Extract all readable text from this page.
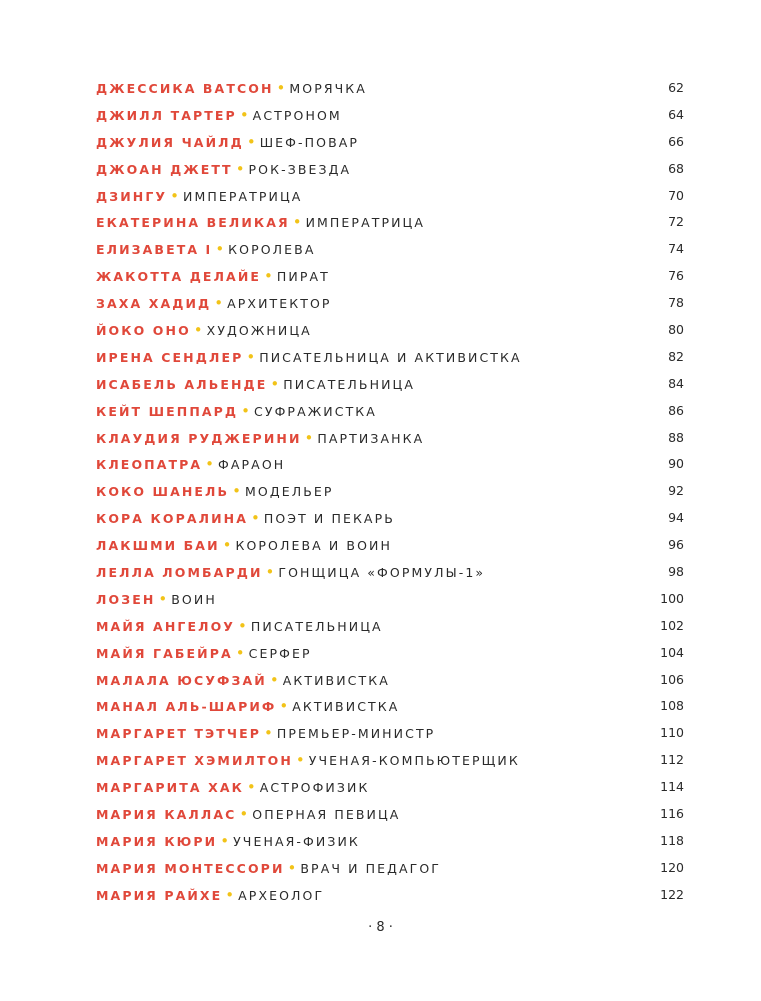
ДЖЕССИКА ВАТСОН • МОРЯЧКА	62
ДЖИЛЛ ТАРТЕР • АСТРОНОМ	64
ДЖУЛИЯ ЧАЙЛД • ШЕФ-ПОВАР	66
ДЖОАН ДЖЕТТ • РОК-ЗВЕЗДА	68
ДЗИНГУ • ИМПЕРАТРИЦА	70
ЕКАТЕРИНА ВЕЛИКАЯ • ИМПЕРАТРИЦА	72
ЕЛИЗАВЕТА I • КОРОЛЕВА	74
ЖАКОТТА ДЕЛАЙЕ • ПИРАТ	76
ЗАХА ХАДИД • АРХИТЕКТОР	78
ЙОКО ОНО • ХУДОЖНИЦА	80
ИРЕНА СЕНДЛЕР • ПИСАТЕЛЬНИЦА И АКТИВИСТКА	82
ИСАБЕЛЬ АЛЬЕНДЕ • ПИСАТЕЛЬНИЦА	84
КЕЙТ ШЕППАРД • СУФРАЖИСТКА	86
КЛАУДИЯ РУДЖЕРИНИ • ПАРТИЗАНКА	88
КЛЕОПАТРА • ФАРАОН	90
КОКО ШАНЕЛЬ • МОДЕЛЬЕР	92
КОРА КОРАЛИНА • ПОЭТ И ПЕКАРЬ	94
ЛАКШМИ БАИ • КОРОЛЕВА И ВОИН	96
ЛЕЛЛА ЛОМБАРДИ • ГОНЩИЦА «ФОРМУЛЫ-1»	98
ЛОЗЕН • ВОИН	100
МАЙЯ АНГЕЛОУ • ПИСАТЕЛЬНИЦА	102
МАЙЯ ГАБЕЙРА • СЕРФЕР	104
МАЛАЛА ЮСУФЗАЙ • АКТИВИСТКА	106
МАНАЛ АЛЬ-ШАРИФ • АКТИВИСТКА	108
МАРГАРЕТ ТЭТЧЕР • ПРЕМЬЕР-МИНИСТР	110
МАРГАРЕТ ХЭМИЛТОН • УЧЕНАЯ-КОМПЬЮТЕРЩИК	112
МАРГАРИТА ХАК • АСТРОФИЗИК	114
МАРИЯ КАЛЛАС • ОПЕРНАЯ ПЕВИЦА	116
МАРИЯ КЮРИ • УЧЕНАЯ-ФИЗИК	118
МАРИЯ МОНТЕССОРИ • ВРАЧ И ПЕДАГОГ	120
МАРИЯ РАЙХЕ • АРХЕОЛОГ	122
· 8 ·
